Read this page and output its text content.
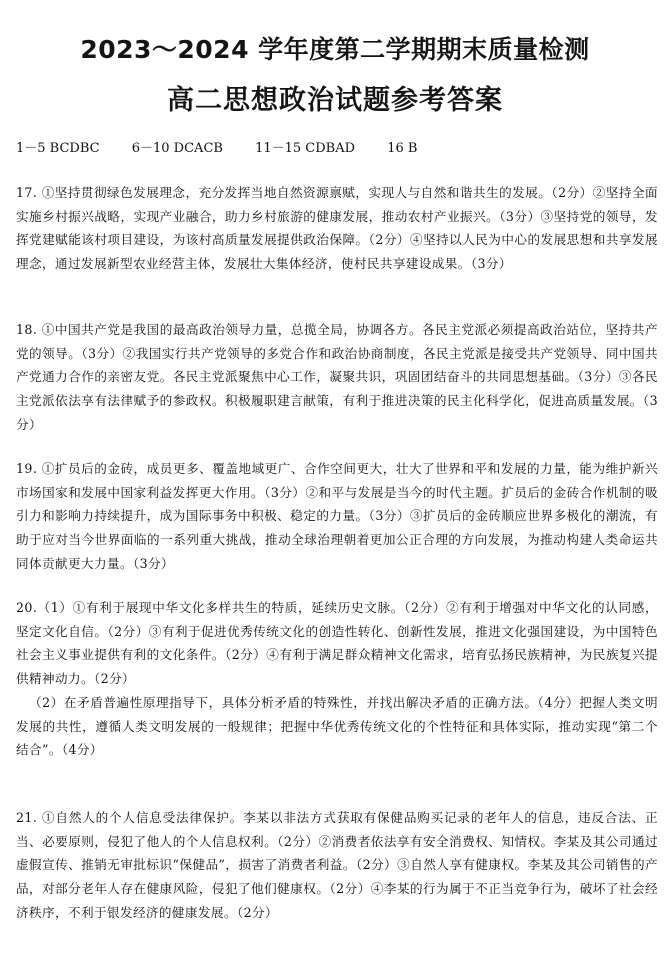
2023～2024 学年度第二学期期末质量检测
高二思想政治试题参考答案
1－5 BCDBC 6－10 DCACB 11－15 CDBAD 16 B

17. ①坚持贯彻绿色发展理念，充分发挥当地自然资源禀赋，实现人与自然和谐共生的发展。（2分）②坚持全面实施乡村振兴战略，实现产业融合，助力乡村旅游的健康发展，推动农村产业振兴。（3分）③坚持党的领导，发挥党建赋能该村项目建设，为该村高质量发展提供政治保障。（2分）④坚持以人民为中心的发展思想和共享发展理念，通过发展新型农业经营主体，发展壮大集体经济，使村民共享建设成果。（3分）

18. ①中国共产党是我国的最高政治领导力量，总揽全局，协调各方。各民主党派必须提高政治站位，坚持共产党的领导。（3分）②我国实行共产党领导的多党合作和政治协商制度，各民主党派是接受共产党领导、同中国共产党通力合作的亲密友党。各民主党派聚焦中心工作，凝聚共识，巩固团结奋斗的共同思想基础。（3分）③各民主党派依法享有法律赋予的参政权。积极履职建言献策，有利于推进决策的民主化科学化，促进高质量发展。（3分）

19. ①扩员后的金砖，成员更多、覆盖地域更广、合作空间更大，壮大了世界和平和发展的力量，能为维护新兴市场国家和发展中国家利益发挥更大作用。（3分）②和平与发展是当今的时代主题。扩员后的金砖合作机制的吸引力和影响力持续提升，成为国际事务中积极、稳定的力量。（3分）③扩员后的金砖顺应世界多极化的潮流，有助于应对当今世界面临的一系列重大挑战，推动全球治理朝着更加公正合理的方向发展，为推动构建人类命运共同体贡献更大力量。（3分）

20.（1）①有利于展现中华文化多样共生的特质，延续历史文脉。（2分）②有利于增强对中华文化的认同感，坚定文化自信。（2分）③有利于促进优秀传统文化的创造性转化、创新性发展，推进文化强国建设，为中国特色社会主义事业提供有利的文化条件。（2分）④有利于满足群众精神文化需求，培育弘扬民族精神，为民族复兴提供精神动力。（2分）

（2）在矛盾普遍性原理指导下，具体分析矛盾的特殊性，并找出解决矛盾的正确方法。（4分）把握人类文明发展的共性，遵循人类文明发展的一般规律；把握中华优秀传统文化的个性特征和具体实际，推动实现“第二个结合”。（4分）

21. ①自然人的个人信息受法律保护。李某以非法方式获取有保健品购买记录的老年人的信息，违反合法、正当、必要原则，侵犯了他人的个人信息权利。（2分）②消费者依法享有安全消费权、知情权。李某及其公司通过虚假宣传、推销无审批标识“保健品”，损害了消费者利益。（2分）③自然人享有健康权。李某及其公司销售的产品，对部分老年人存在健康风险，侵犯了他们健康权。（2分）④李某的行为属于不正当竞争行为，破坏了社会经济秩序，不利于银发经济的健康发展。（2分）
